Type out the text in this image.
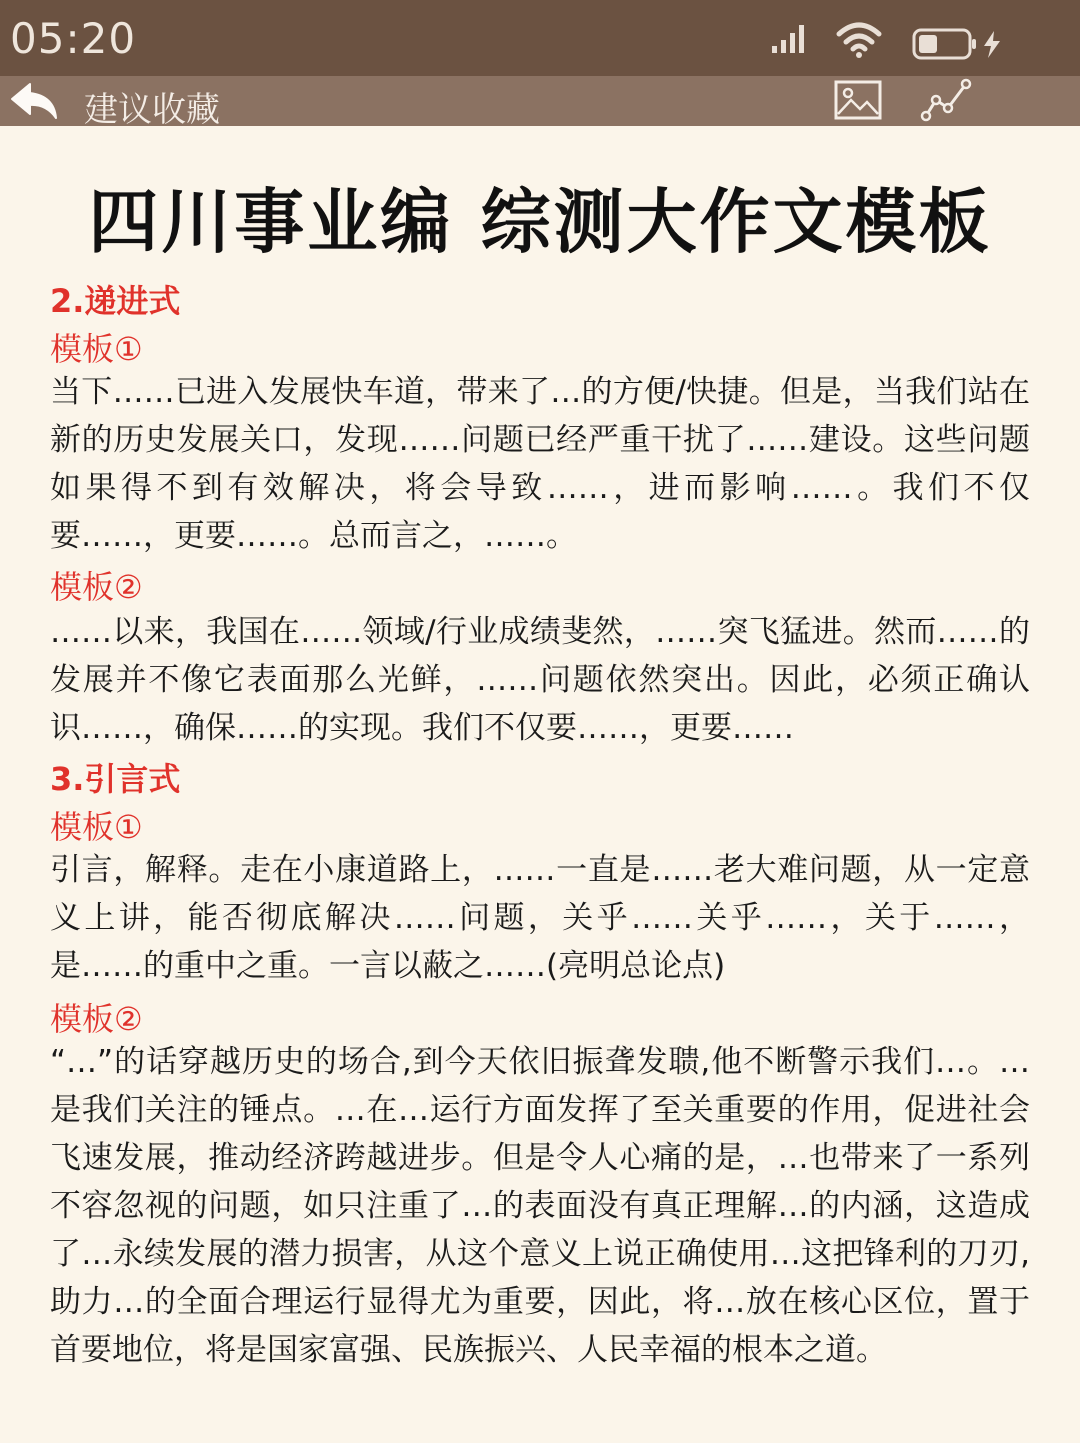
05:20
建议收藏
四川事业编 综测大作文模板
2.递进式
模板①
当下……已进入发展快车道，带来了…的方便/快捷。但是，当我们站在新的历史发展关口，发现……问题已经严重干扰了……建设。这些问题如果得不到有效解决，将会导致……，进而影响……。我们不仅要……，更要……。总而言之，……。
模板②
……以来，我国在……领域/行业成绩斐然，……突飞猛进。然而……的发展并不像它表面那么光鲜，……问题依然突出。因此，必须正确认识……，确保……的实现。我们不仅要……，更要……
3.引言式
模板①
引言，解释。走在小康道路上，……一直是……老大难问题，从一定意义上讲，能否彻底解决……问题，关乎……关乎……，关于……，是……的重中之重。一言以蔽之……(亮明总论点)
模板②
“…”的话穿越历史的场合,到今天依旧振聋发聩,他不断警示我们…。…是我们关注的锤点。…在…运行方面发挥了至关重要的作用，促进社会飞速发展，推动经济跨越进步。但是令人心痛的是，…也带来了一系列不容忽视的问题，如只注重了…的表面没有真正理解…的内涵，这造成了…永续发展的潜力损害，从这个意义上说正确使用…这把锋利的刀刃,助力…的全面合理运行显得尤为重要，因此，将…放在核心区位，置于首要地位，将是国家富强、民族振兴、人民幸福的根本之道。
